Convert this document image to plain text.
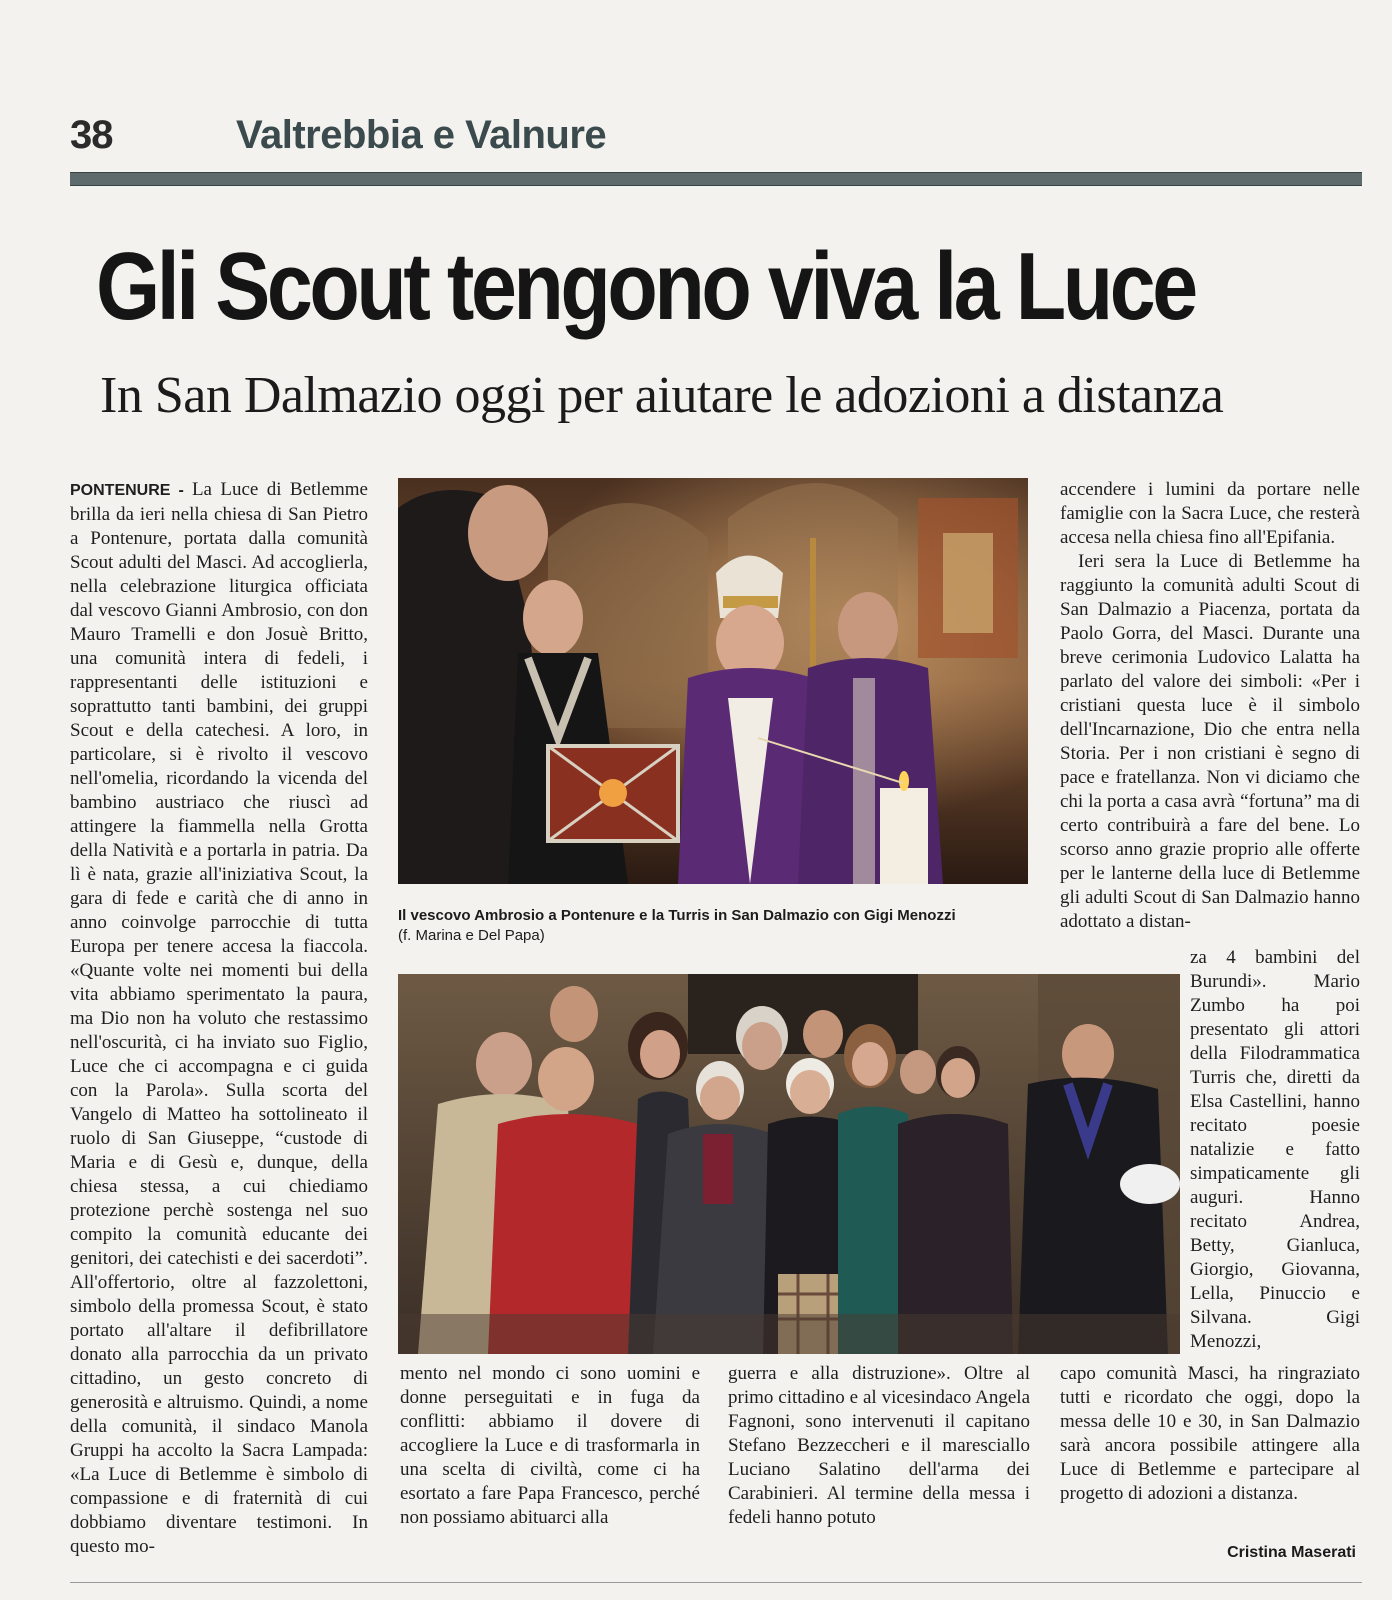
38	Valtrebbia e Valnure
Gli Scout tengono viva la Luce
In San Dalmazio oggi per aiutare le adozioni a distanza

PONTENURE - La Luce di Betlemme brilla da ieri nella chiesa di San Pietro a Pontenure, portata dalla comunità Scout adulti del Masci. Ad accoglierla, nella celebrazione liturgica officiata dal vescovo Gianni Ambrosio, con don Mauro Tramelli e don Josuè Britto, una comunità intera di fedeli, i rappresentanti delle istituzioni e soprattutto tanti bambini, dei gruppi Scout e della catechesi. A loro, in particolare, si è rivolto il vescovo nell'omelia, ricordando la vicenda del bambino austriaco che riuscì ad attingere la fiammella nella Grotta della Natività e a portarla in patria. Da lì è nata, grazie all'iniziativa Scout, la gara di fede e carità che di anno in anno coinvolge parrocchie di tutta Europa per tenere accesa la fiaccola. «Quante volte nei momenti bui della vita abbiamo sperimentato la paura, ma Dio non ha voluto che restassimo nell'oscurità, ci ha inviato suo Figlio, Luce che ci accompagna e ci guida con la Parola». Sulla scorta del Vangelo di Matteo ha sottolineato il ruolo di San Giuseppe, “custode di Maria e di Gesù e, dunque, della chiesa stessa, a cui chiediamo protezione perchè sostenga nel suo compito la comunità educante dei genitori, dei catechisti e dei sacerdoti”. All'offertorio, oltre al fazzolettoni, simbolo della promessa Scout, è stato portato all'altare il defibrillatore donato alla parrocchia da un privato cittadino, un gesto concreto di generosità e altruismo. Quindi, a nome della comunità, il sindaco Manola Gruppi ha accolto la Sacra Lampada: «La Luce di Betlemme è simbolo di compassione e di fraternità di cui dobbiamo diventare testimoni. In questo mo-

Il vescovo Ambrosio a Pontenure e la Turris in San Dalmazio con Gigi Menozzi
(f. Marina e Del Papa)

mento nel mondo ci sono uomini e donne perseguitati e in fuga da conflitti: abbiamo il dovere di accogliere la Luce e di trasformarla in una scelta di civiltà, come ci ha esortato a fare Papa Francesco, perché non possiamo abituarci alla

guerra e alla distruzione». Oltre al primo cittadino e al vicesindaco Angela Fagnoni, sono intervenuti il capitano Stefano Bezzeccheri e il maresciallo Luciano Salatino dell'arma dei Carabinieri. Al termine della messa i fedeli hanno potuto

accendere i lumini da portare nelle famiglie con la Sacra Luce, che resterà accesa nella chiesa fino all'Epifania.

Ieri sera la Luce di Betlemme ha raggiunto la comunità adulti Scout di San Dalmazio a Piacenza, portata da Paolo Gorra, del Masci. Durante una breve cerimonia Ludovico Lalatta ha parlato del valore dei simboli: «Per i cristiani questa luce è il simbolo dell'Incarnazione, Dio che entra nella Storia. Per i non cristiani è segno di pace e fratellanza. Non vi diciamo che chi la porta a casa avrà “fortuna” ma di certo contribuirà a fare del bene. Lo scorso anno grazie proprio alle offerte per le lanterne della luce di Betlemme gli adulti Scout di San Dalmazio hanno adottato a distan-

za 4 bambini del Burundi». Mario Zumbo ha poi presentato gli attori della Filodrammatica Turris che, diretti da Elsa Castellini, hanno recitato poesie natalizie e fatto simpaticamente gli auguri. Hanno recitato Andrea, Betty, Gianluca, Giorgio, Giovanna, Lella, Pinuccio e Silvana. Gigi Menozzi,

capo comunità Masci, ha ringraziato tutti e ricordato che oggi, dopo la messa delle 10 e 30, in San Dalmazio sarà ancora possibile attingere alla Luce di Betlemme e partecipare al progetto di adozioni a distanza.

Cristina Maserati
